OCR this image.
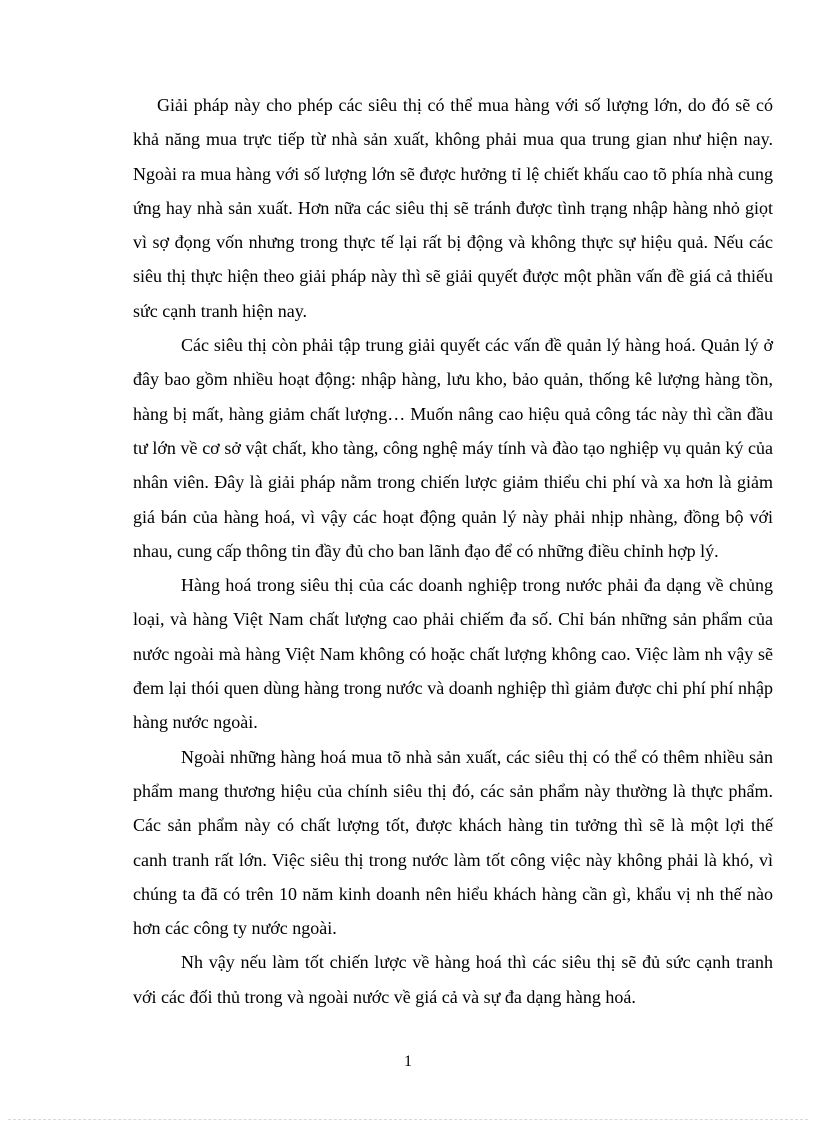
Giải pháp này cho phép các siêu thị có thể mua hàng với số lượng lớn, do đó sẽ có khả năng mua trực tiếp từ nhà sản xuất, không phải mua qua trung gian như hiện nay. Ngoài ra mua hàng với số lượng lớn sẽ được hưởng tỉ lệ chiết khấu cao tõ phía nhà cung ứng hay nhà sản xuất. Hơn nữa các siêu thị sẽ tránh được tình trạng nhập hàng nhỏ giọt vì sợ đọng vốn nhưng trong thực tế lại rất bị động và không thực sự hiệu quả. Nếu các siêu thị thực hiện theo giải pháp này thì sẽ giải quyết được một phần vấn đề giá cả thiếu sức cạnh tranh hiện nay.

Các siêu thị còn phải tập trung giải quyết các vấn đề quản lý hàng hoá. Quản lý ở đây bao gồm nhiều hoạt động: nhập hàng, lưu kho, bảo quản, thống kê lượng hàng tồn, hàng bị mất, hàng giảm chất lượng… Muốn nâng cao hiệu quả công tác này thì cần đầu tư lớn về cơ sở vật chất, kho tàng, công nghệ máy tính và đào tạo nghiệp vụ quản ký của nhân viên. Đây là giải pháp nằm trong chiến lược giảm thiểu chi phí và xa hơn là giảm giá bán của hàng hoá, vì vậy các hoạt động quản lý này phải nhịp nhàng, đồng bộ với nhau, cung cấp thông tin đầy đủ cho ban lãnh đạo để có những điều chỉnh hợp lý.

Hàng hoá trong siêu thị của các doanh nghiệp trong nước phải đa dạng về chủng loại, và hàng Việt Nam chất lượng cao phải chiếm đa số. Chỉ bán những sản phẩm của nước ngoài mà hàng Việt Nam không có hoặc chất lượng không cao. Việc làm nh vậy sẽ đem lại thói quen dùng hàng trong nước và doanh nghiệp thì giảm được chi phí phí nhập hàng nước ngoài.

Ngoài những hàng hoá mua tõ nhà sản xuất, các siêu thị có thể có thêm nhiều sản phẩm mang thương hiệu của chính siêu thị đó, các sản phẩm này thường là thực phẩm. Các sản phẩm này có chất lượng tốt, được khách hàng tin tưởng thì sẽ là một lợi thế canh tranh rất lớn. Việc siêu thị trong nước làm tốt công việc này không phải là khó, vì chúng ta đã có trên 10 năm kinh doanh nên hiểu khách hàng cần gì, khẩu vị nh thế nào hơn các công ty nước ngoài.

Nh vậy nếu làm tốt chiến lược về hàng hoá thì các siêu thị sẽ đủ sức cạnh tranh với các đối thủ trong và ngoài nước về giá cả và sự đa dạng hàng hoá.

1
